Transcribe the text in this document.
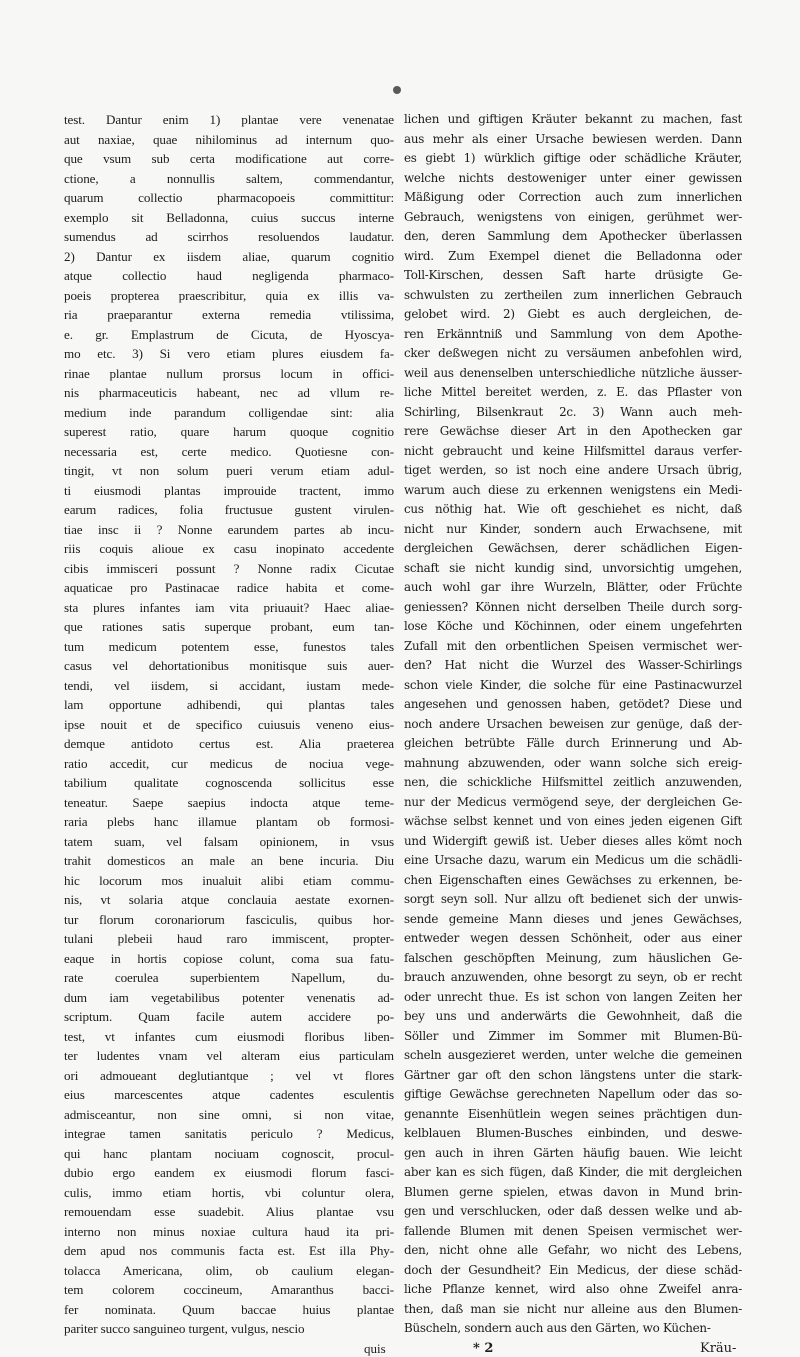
test. Dantur enim 1) plantae vere venenatae
aut naxiae, quae nihilominus ad internum quo-
que vsum sub certa modificatione aut corre-
ctione, a nonnullis saltem, commendantur,
quarum collectio pharmacopoeis committitur:
exemplo sit Belladonna, cuius succus interne
sumendus ad scirrhos resoluendos laudatur.
2) Dantur ex iisdem aliae, quarum cognitio
atque collectio haud negligenda pharmaco-
poeis propterea praescribitur, quia ex illis va-
ria praeparantur externa remedia vtilissima,
e. gr. Emplastrum de Cicuta, de Hyoscya-
mo etc. 3) Si vero etiam plures eiusdem fa-
rinae plantae nullum prorsus locum in offici-
nis pharmaceuticis habeant, nec ad vllum re-
medium inde parandum colligendae sint: alia
superest ratio, quare harum quoque cognitio
necessaria est, certe medico. Quotiesne con-
tingit, vt non solum pueri verum etiam adul-
ti eiusmodi plantas improuide tractent, immo
earum radices, folia fructusue gustent virulen-
tiae insc ii ? Nonne earundem partes ab incu-
riis coquis alioue ex casu inopinato accedente
cibis immisceri possunt ? Nonne radix Cicutae
aquaticae pro Pastinacae radice habita et come-
sta plures infantes iam vita priuauit? Haec aliae-
que rationes satis superque probant, eum tan-
tum medicum potentem esse, funestos tales
casus vel dehortationibus monitisque suis auer-
tendi, vel iisdem, si accidant, iustam mede-
lam opportune adhibendi, qui plantas tales
ipse nouit et de specifico cuiusuis veneno eius-
demque antidoto certus est. Alia praeterea
ratio accedit, cur medicus de nociua vege-
tabilium qualitate cognoscenda sollicitus esse
teneatur. Saepe saepius indocta atque teme-
raria plebs hanc illamue plantam ob formosi-
tatem suam, vel falsam opinionem, in vsus
trahit domesticos an male an bene incuria. Diu
hic locorum mos inualuit alibi etiam commu-
nis, vt solaria atque conclauia aestate exornen-
tur florum coronariorum fasciculis, quibus hor-
tulani plebeii haud raro immiscent, propter-
eaque in hortis copiose colunt, coma sua fatu-
rate coerulea superbientem Napellum, du-
dum iam vegetabilibus potenter venenatis ad-
scriptum. Quam facile autem accidere po-
test, vt infantes cum eiusmodi floribus liben-
ter ludentes vnam vel alteram eius particulam
ori admoueant deglutiantque ; vel vt flores
eius marcescentes atque cadentes esculentis
admisceantur, non sine omni, si non vitae,
integrae tamen sanitatis periculo ? Medicus,
qui hanc plantam nociuam cognoscit, procul-
dubio ergo eandem ex eiusmodi florum fasci-
culis, immo etiam hortis, vbi coluntur olera,
remouendam esse suadebit. Alius plantae vsu
interno non minus noxiae cultura haud ita pri-
dem apud nos communis facta est. Est illa Phy-
tolacca Americana, olim, ob caulium elegan-
tem colorem coccineum, Amaranthus bacci-
fer nominata. Quum baccae huius plantae
pariter succo sanguineo turgent, vulgus, nescio
lichen und giftigen Kräuter bekannt zu machen, fast
aus mehr als einer Ursache bewiesen werden. Dann
es giebt 1) würklich giftige oder schädliche Kräuter,
welche nichts destoweniger unter einer gewissen
Mäßigung oder Correction auch zum innerlichen
Gebrauch, wenigstens von einigen, gerühmet wer-
den, deren Sammlung dem Apothecker überlassen
wird. Zum Exempel dienet die Belladonna oder
Toll-Kirschen, dessen Saft harte drüsigte Ge-
schwulsten zu zertheilen zum innerlichen Gebrauch
gelobet wird. 2) Giebt es auch dergleichen, de-
ren Erkänntniß und Sammlung von dem Apothe-
cker deßwegen nicht zu versäumen anbefohlen wird,
weil aus denenselben unterschiedliche nützliche äusser-
liche Mittel bereitet werden, z. E. das Pflaster von
Schirling, Bilsenkraut 2c. 3) Wann auch meh-
rere Gewächse dieser Art in den Apothecken gar
nicht gebraucht und keine Hilfsmittel daraus verfer-
tiget werden, so ist noch eine andere Ursach übrig,
warum auch diese zu erkennen wenigstens ein Medi-
cus nöthig hat. Wie oft geschiehet es nicht, daß
nicht nur Kinder, sondern auch Erwachsene, mit
dergleichen Gewächsen, derer schädlichen Eigen-
schaft sie nicht kundig sind, unvorsichtig umgehen,
auch wohl gar ihre Wurzeln, Blätter, oder Früchte
geniessen? Können nicht derselben Theile durch sorg-
lose Köche und Köchinnen, oder einem ungefehrten
Zufall mit den orbentlichen Speisen vermischet wer-
den? Hat nicht die Wurzel des Wasser-Schirlings
schon viele Kinder, die solche für eine Pastinacwurzel
angesehen und genossen haben, getödet? Diese und
noch andere Ursachen beweisen zur genüge, daß der-
gleichen betrübte Fälle durch Erinnerung und Ab-
mahnung abzuwenden, oder wann solche sich ereig-
nen, die schickliche Hilfsmittel zeitlich anzuwenden,
nur der Medicus vermögend seye, der dergleichen Ge-
wächse selbst kennet und von eines jeden eigenen Gift
und Widergift gewiß ist. Ueber dieses alles kömt noch
eine Ursache dazu, warum ein Medicus um die schädli-
chen Eigenschaften eines Gewächses zu erkennen, be-
sorgt seyn soll. Nur allzu oft bedienet sich der unwis-
sende gemeine Mann dieses und jenes Gewächses,
entweder wegen dessen Schönheit, oder aus einer
falschen geschöpften Meinung, zum häuslichen Ge-
brauch anzuwenden, ohne besorgt zu seyn, ob er recht
oder unrecht thue. Es ist schon von langen Zeiten her
bey uns und anderwärts die Gewohnheit, daß die
Söller und Zimmer im Sommer mit Blumen-Bü-
scheln ausgezieret werden, unter welche die gemeinen
Gärtner gar oft den schon längstens unter die stark-
giftige Gewächse gerechneten Napellum oder das so-
genannte Eisenhütlein wegen seines prächtigen dun-
kelblauen Blumen-Busches einbinden, und deswe-
gen auch in ihren Gärten häufig bauen. Wie leicht
aber kan es sich fügen, daß Kinder, die mit dergleichen
Blumen gerne spielen, etwas davon in Mund brin-
gen und verschlucken, oder daß dessen welke und ab-
fallende Blumen mit denen Speisen vermischet wer-
den, nicht ohne alle Gefahr, wo nicht des Lebens,
doch der Gesundheit? Ein Medicus, der diese schäd-
liche Pflanze kennet, wird also ohne Zweifel anra-
then, daß man sie nicht nur alleine aus den Blumen-
Büscheln, sondern auch aus den Gärten, wo Küchen-
quis	* 2	Kräu-
